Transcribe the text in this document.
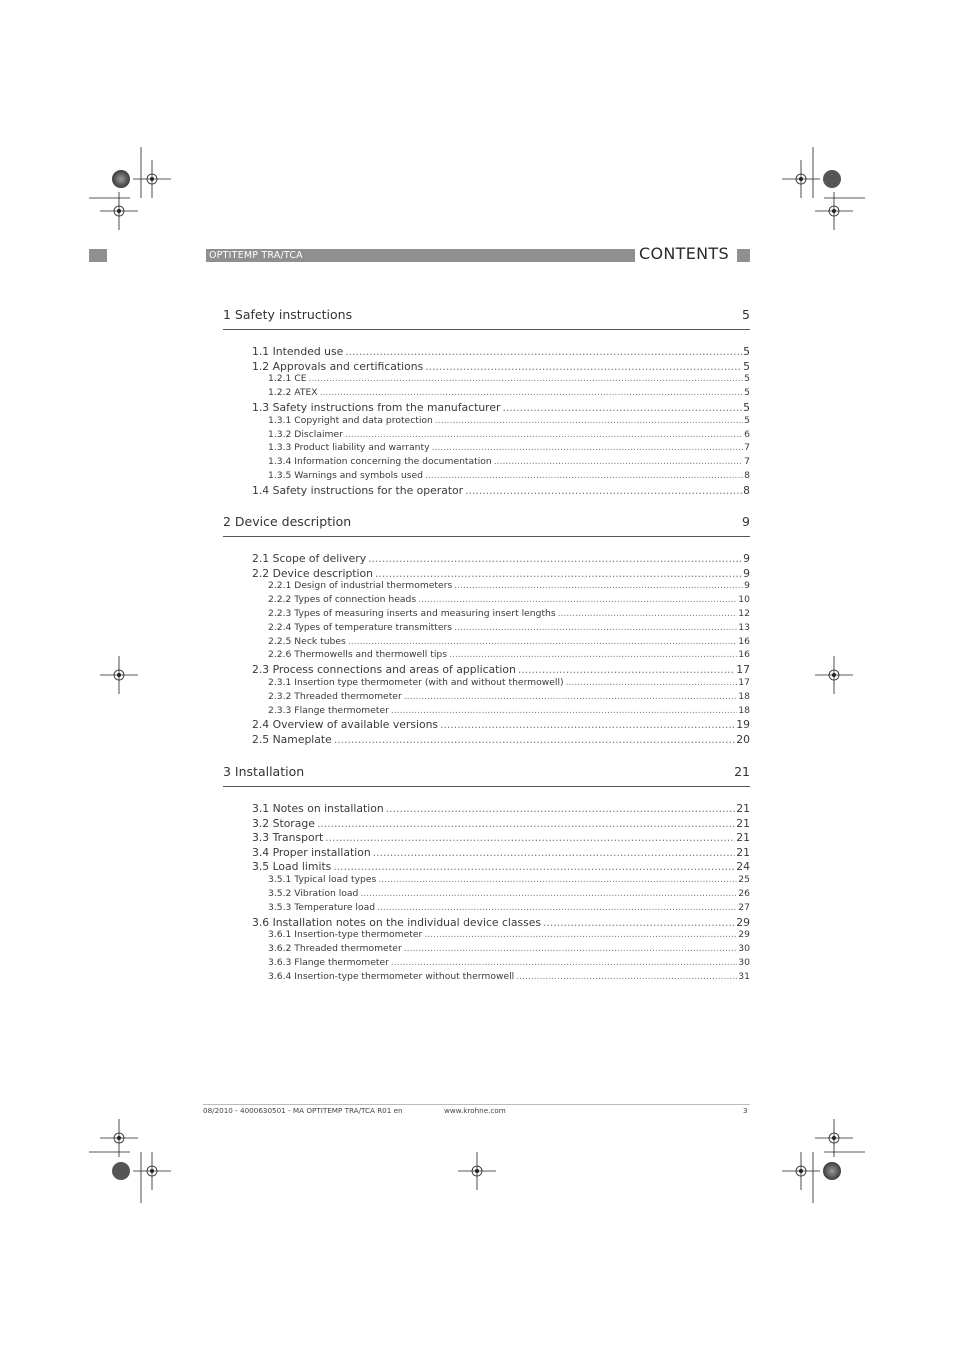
OPTITEMP TRA/TCA	CONTENTS
1 Safety instructions	5
1.1 Intended use .....	5
1.2 Approvals and certifications .....	5
1.2.1 CE .....	5
1.2.2 ATEX .....	5
1.3 Safety instructions from the manufacturer .....	5
1.3.1 Copyright and data protection .....	5
1.3.2 Disclaimer .....	6
1.3.3 Product liability and warranty .....	7
1.3.4 Information concerning the documentation .....	7
1.3.5 Warnings and symbols used .....	8
1.4 Safety instructions for the operator .....	8
2 Device description	9
2.1 Scope of delivery .....	9
2.2 Device description .....	9
2.2.1 Design of industrial thermometers .....	9
2.2.2 Types of connection heads .....	10
2.2.3 Types of measuring inserts and measuring insert lengths .....	12
2.2.4 Types of temperature transmitters .....	13
2.2.5 Neck tubes .....	16
2.2.6 Thermowells and thermowell tips .....	16
2.3 Process connections and areas of application .....	17
2.3.1 Insertion type thermometer (with and without thermowell) .....	17
2.3.2 Threaded thermometer .....	18
2.3.3 Flange thermometer .....	18
2.4 Overview of available versions .....	19
2.5 Nameplate .....	20
3 Installation	21
3.1 Notes on installation .....	21
3.2 Storage .....	21
3.3 Transport .....	21
3.4 Proper installation .....	21
3.5 Load limits .....	24
3.5.1 Typical load types .....	25
3.5.2 Vibration load .....	26
3.5.3 Temperature load .....	27
3.6 Installation notes on the individual device classes .....	29
3.6.1 Insertion-type thermometer .....	29
3.6.2 Threaded thermometer .....	30
3.6.3 Flange thermometer .....	30
3.6.4 Insertion-type thermometer without thermowell .....	31
08/2010 - 4000630501 - MA OPTITEMP TRA/TCA R01 en	www.krohne.com	3
